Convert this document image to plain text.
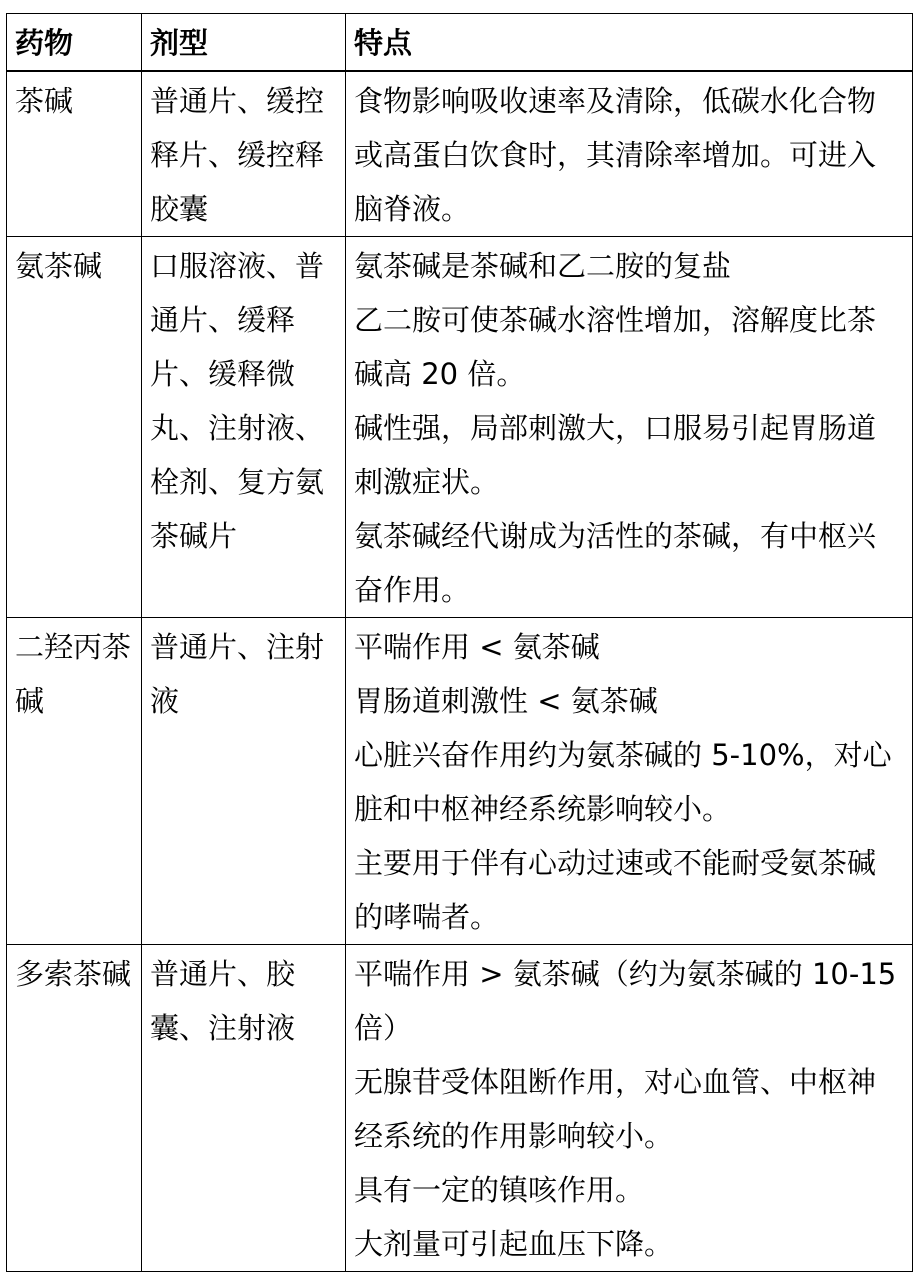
药物	剂型	特点
茶碱	普通片、缓控释片、缓控释胶囊	食物影响吸收速率及清除，低碳水化合物或高蛋白饮食时，其清除率增加。可进入脑脊液。

氨茶碱	口服溶液、普通片、缓释片、缓释微丸、注射液、栓剂、复方氨茶碱片	氨茶碱是茶碱和乙二胺的复盐
乙二胺可使茶碱水溶性增加，溶解度比茶碱高 20 倍。
碱性强，局部刺激大，口服易引起胃肠道刺激症状。
氨茶碱经代谢成为活性的茶碱，有中枢兴奋作用。

二羟丙茶碱	普通片、注射液	平喘作用 < 氨茶碱
胃肠道刺激性 < 氨茶碱
心脏兴奋作用约为氨茶碱的 5-10%，对心脏和中枢神经系统影响较小。
主要用于伴有心动过速或不能耐受氨茶碱的哮喘者。

多索茶碱	普通片、胶囊、注射液	平喘作用 > 氨茶碱（约为氨茶碱的 10-15 倍）
无腺苷受体阻断作用，对心血管、中枢神经系统的作用影响较小。
具有一定的镇咳作用。
大剂量可引起血压下降。
